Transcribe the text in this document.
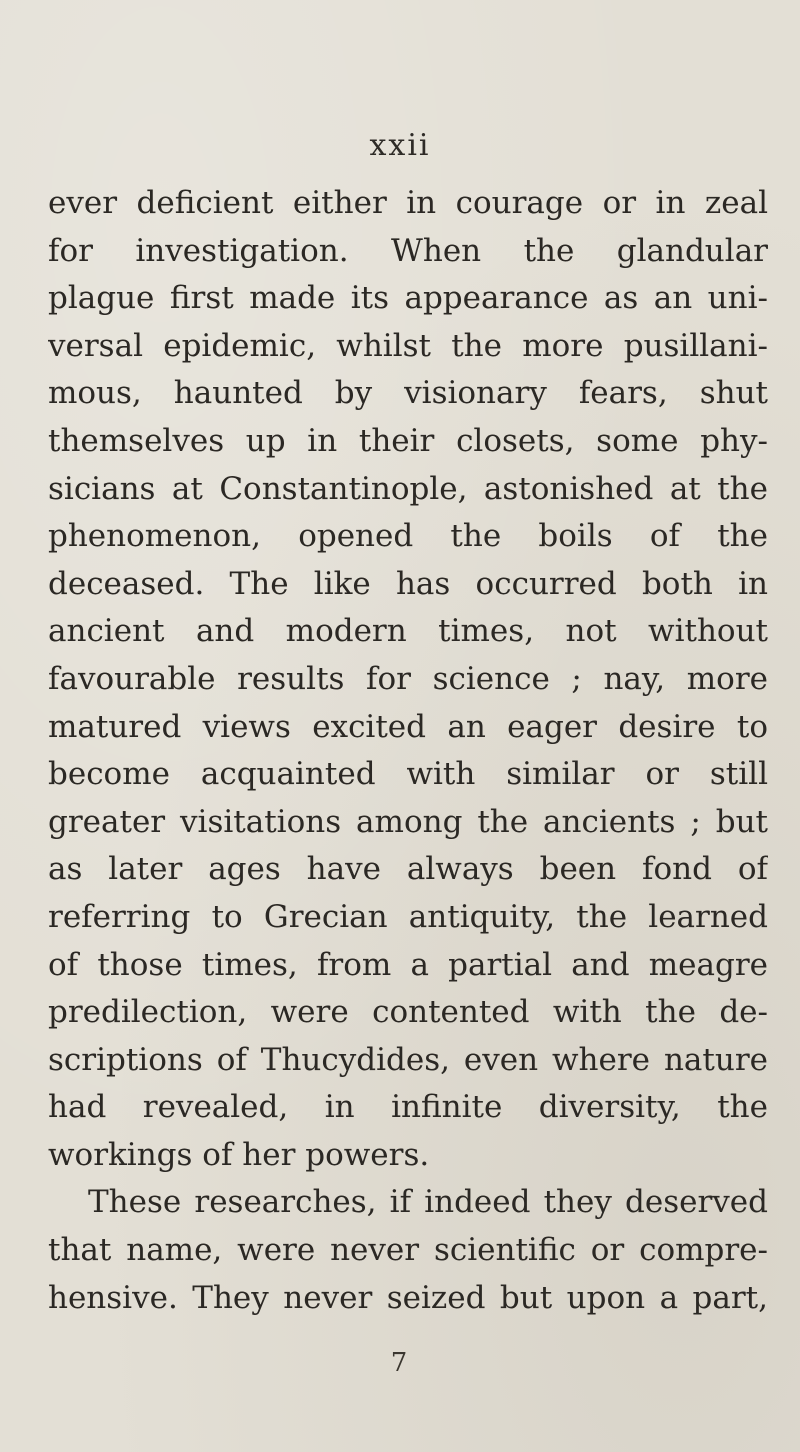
xxii
ever deficient either in courage or in zeal
for investigation. When the glandular
plague first made its appearance as an uni-
versal epidemic, whilst the more pusillani-
mous, haunted by visionary fears, shut
themselves up in their closets, some phy-
sicians at Constantinople, astonished at the
phenomenon, opened the boils of the
deceased. The like has occurred both in
ancient and modern times, not without
favourable results for science ; nay, more
matured views excited an eager desire to
become acquainted with similar or still
greater visitations among the ancients ; but
as later ages have always been fond of
referring to Grecian antiquity, the learned
of those times, from a partial and meagre
predilection, were contented with the de-
scriptions of Thucydides, even where nature
had revealed, in infinite diversity, the
workings of her powers.
These researches, if indeed they deserved
that name, were never scientific or compre-
hensive. They never seized but upon a part,
7
